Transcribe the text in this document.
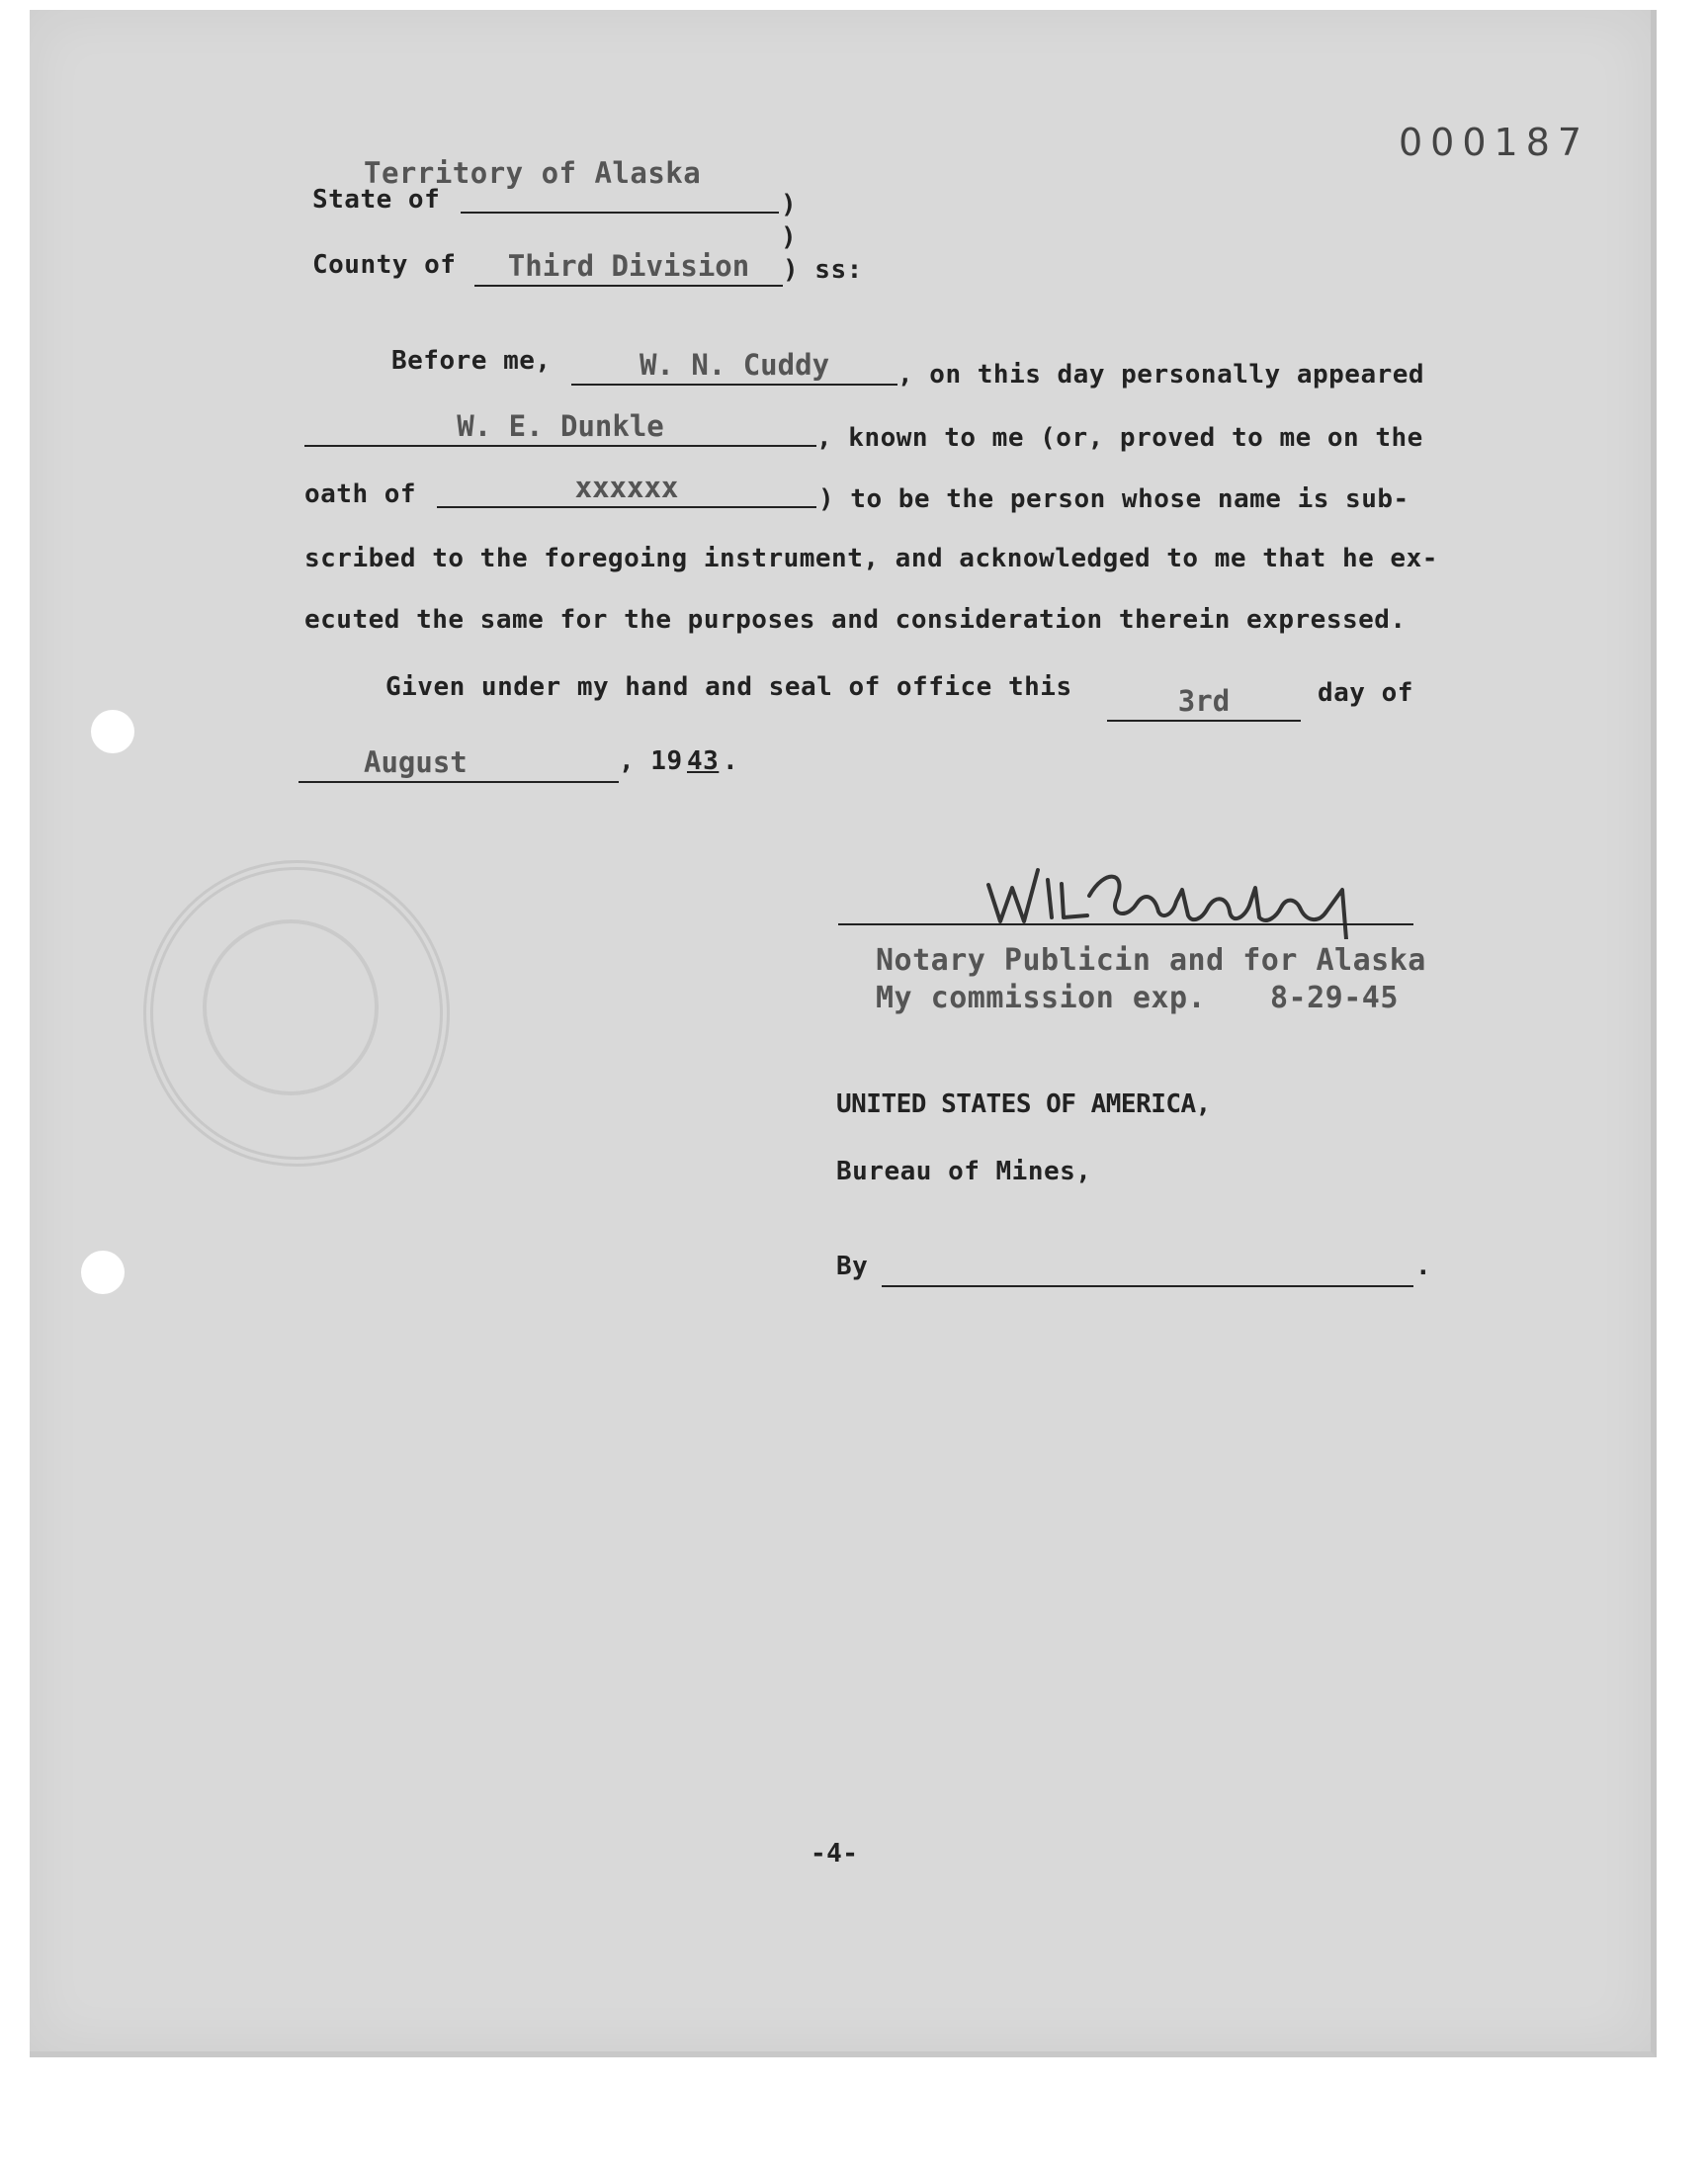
000187
Territory of Alaska
State of	)
)
County of	Third Division	) ss:
Before me,	W. N. Cuddy	, on this day personally appeared
W. E. Dunkle	, known to me (or, proved to me on the
oath of	xxxxxx	) to be the person whose name is sub-
scribed to the foregoing instrument, and acknowledged to me that he ex-
ecuted the same for the purposes and consideration therein expressed.
Given under my hand and seal of office this	3rd	day of
August	, 19 43 .
Notary Publicin and for Alaska
My commission exp. 8-29-45
UNITED STATES OF AMERICA,
Bureau of Mines,
By	.
-4-
